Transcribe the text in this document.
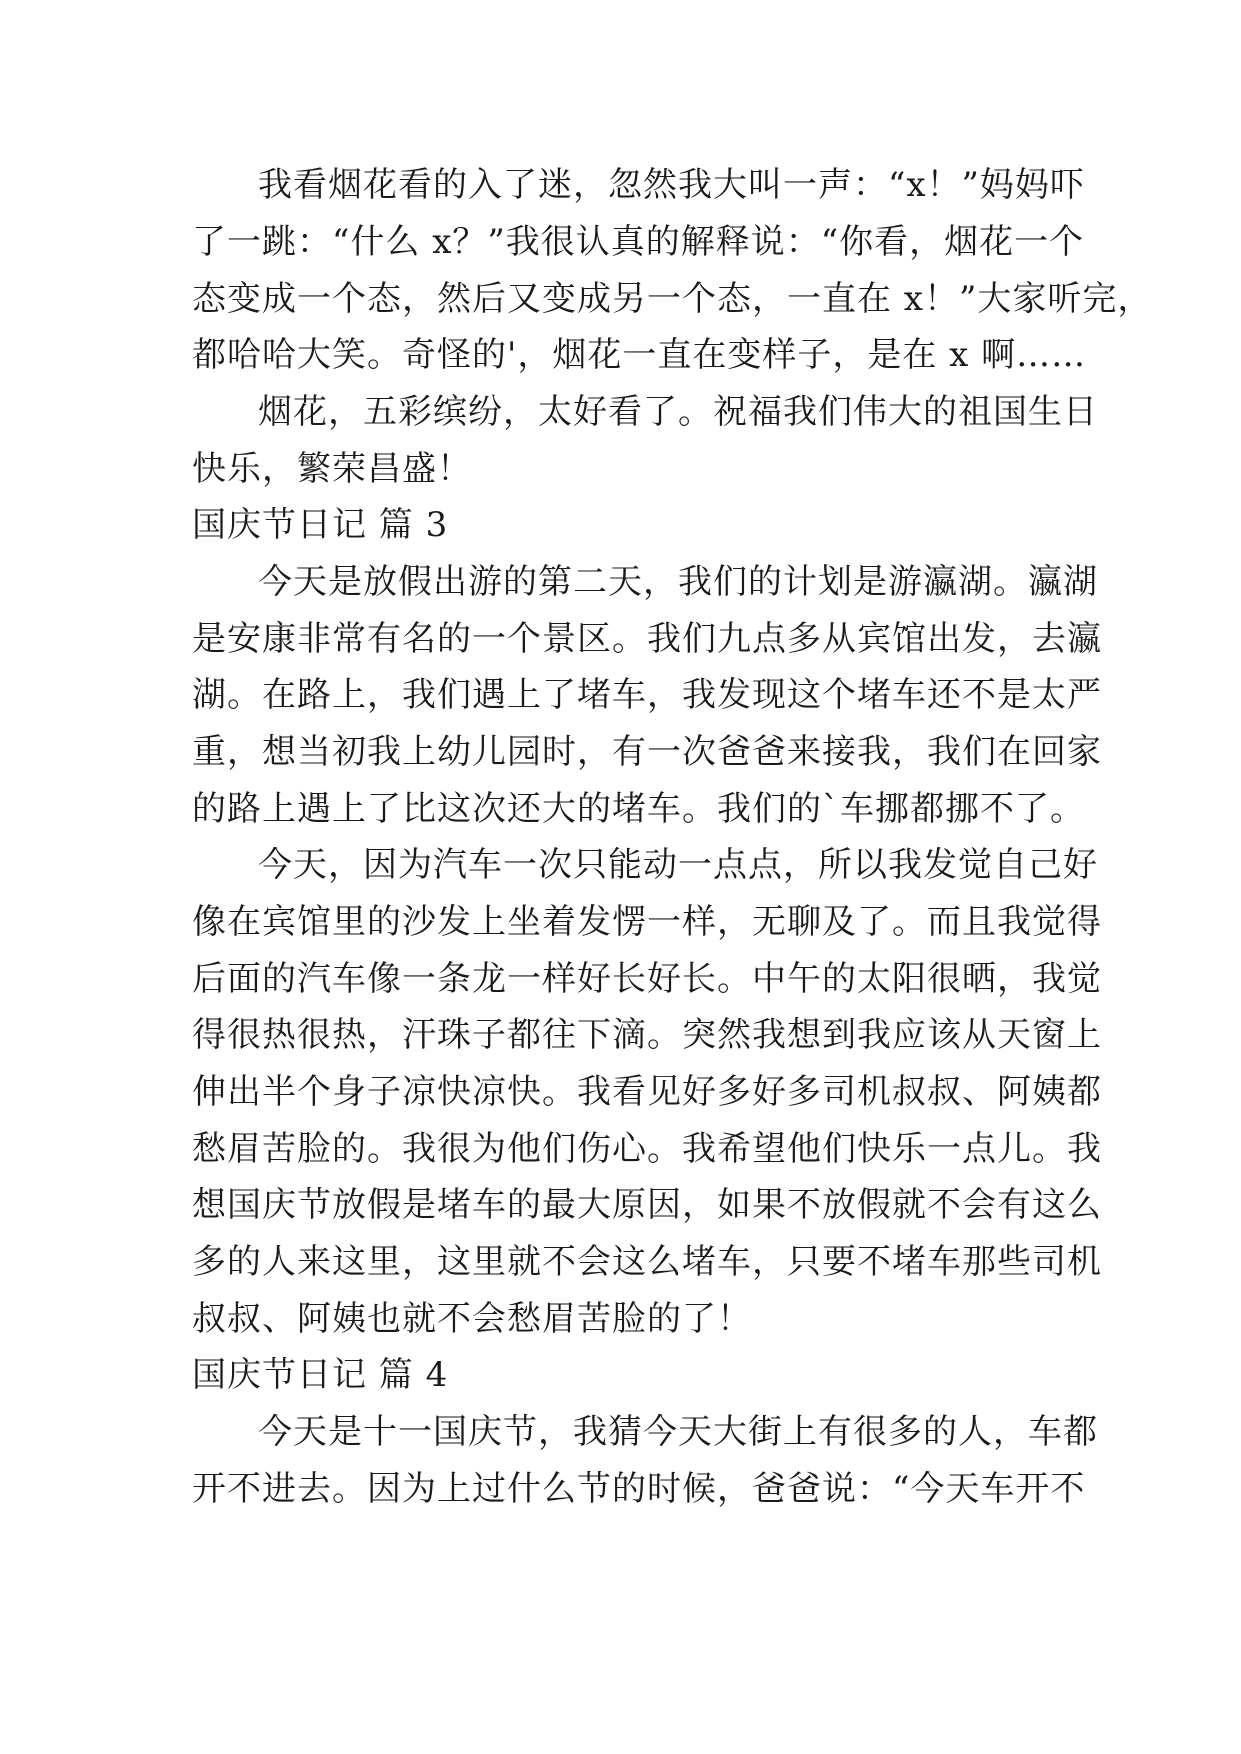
我看烟花看的入了迷，忽然我大叫一声：“x！”妈妈吓
了一跳：“什么 x？”我很认真的解释说：“你看，烟花一个
态变成一个态，然后又变成另一个态，一直在 x！”大家听完，
都哈哈大笑。奇怪的'，烟花一直在变样子，是在 x 啊……
烟花，五彩缤纷，太好看了。祝福我们伟大的祖国生日
快乐，繁荣昌盛！
国庆节日记 篇 3
今天是放假出游的第二天，我们的计划是游瀛湖。瀛湖
是安康非常有名的一个景区。我们九点多从宾馆出发，去瀛
湖。在路上，我们遇上了堵车，我发现这个堵车还不是太严
重，想当初我上幼儿园时，有一次爸爸来接我，我们在回家
的路上遇上了比这次还大的堵车。我们的`车挪都挪不了。
今天，因为汽车一次只能动一点点，所以我发觉自己好
像在宾馆里的沙发上坐着发愣一样，无聊及了。而且我觉得
后面的汽车像一条龙一样好长好长。中午的太阳很晒，我觉
得很热很热，汗珠子都往下滴。突然我想到我应该从天窗上
伸出半个身子凉快凉快。我看见好多好多司机叔叔、阿姨都
愁眉苦脸的。我很为他们伤心。我希望他们快乐一点儿。我
想国庆节放假是堵车的最大原因，如果不放假就不会有这么
多的人来这里，这里就不会这么堵车，只要不堵车那些司机
叔叔、阿姨也就不会愁眉苦脸的了！
国庆节日记 篇 4
今天是十一国庆节，我猜今天大街上有很多的人，车都
开不进去。因为上过什么节的时候，爸爸说：“今天车开不
